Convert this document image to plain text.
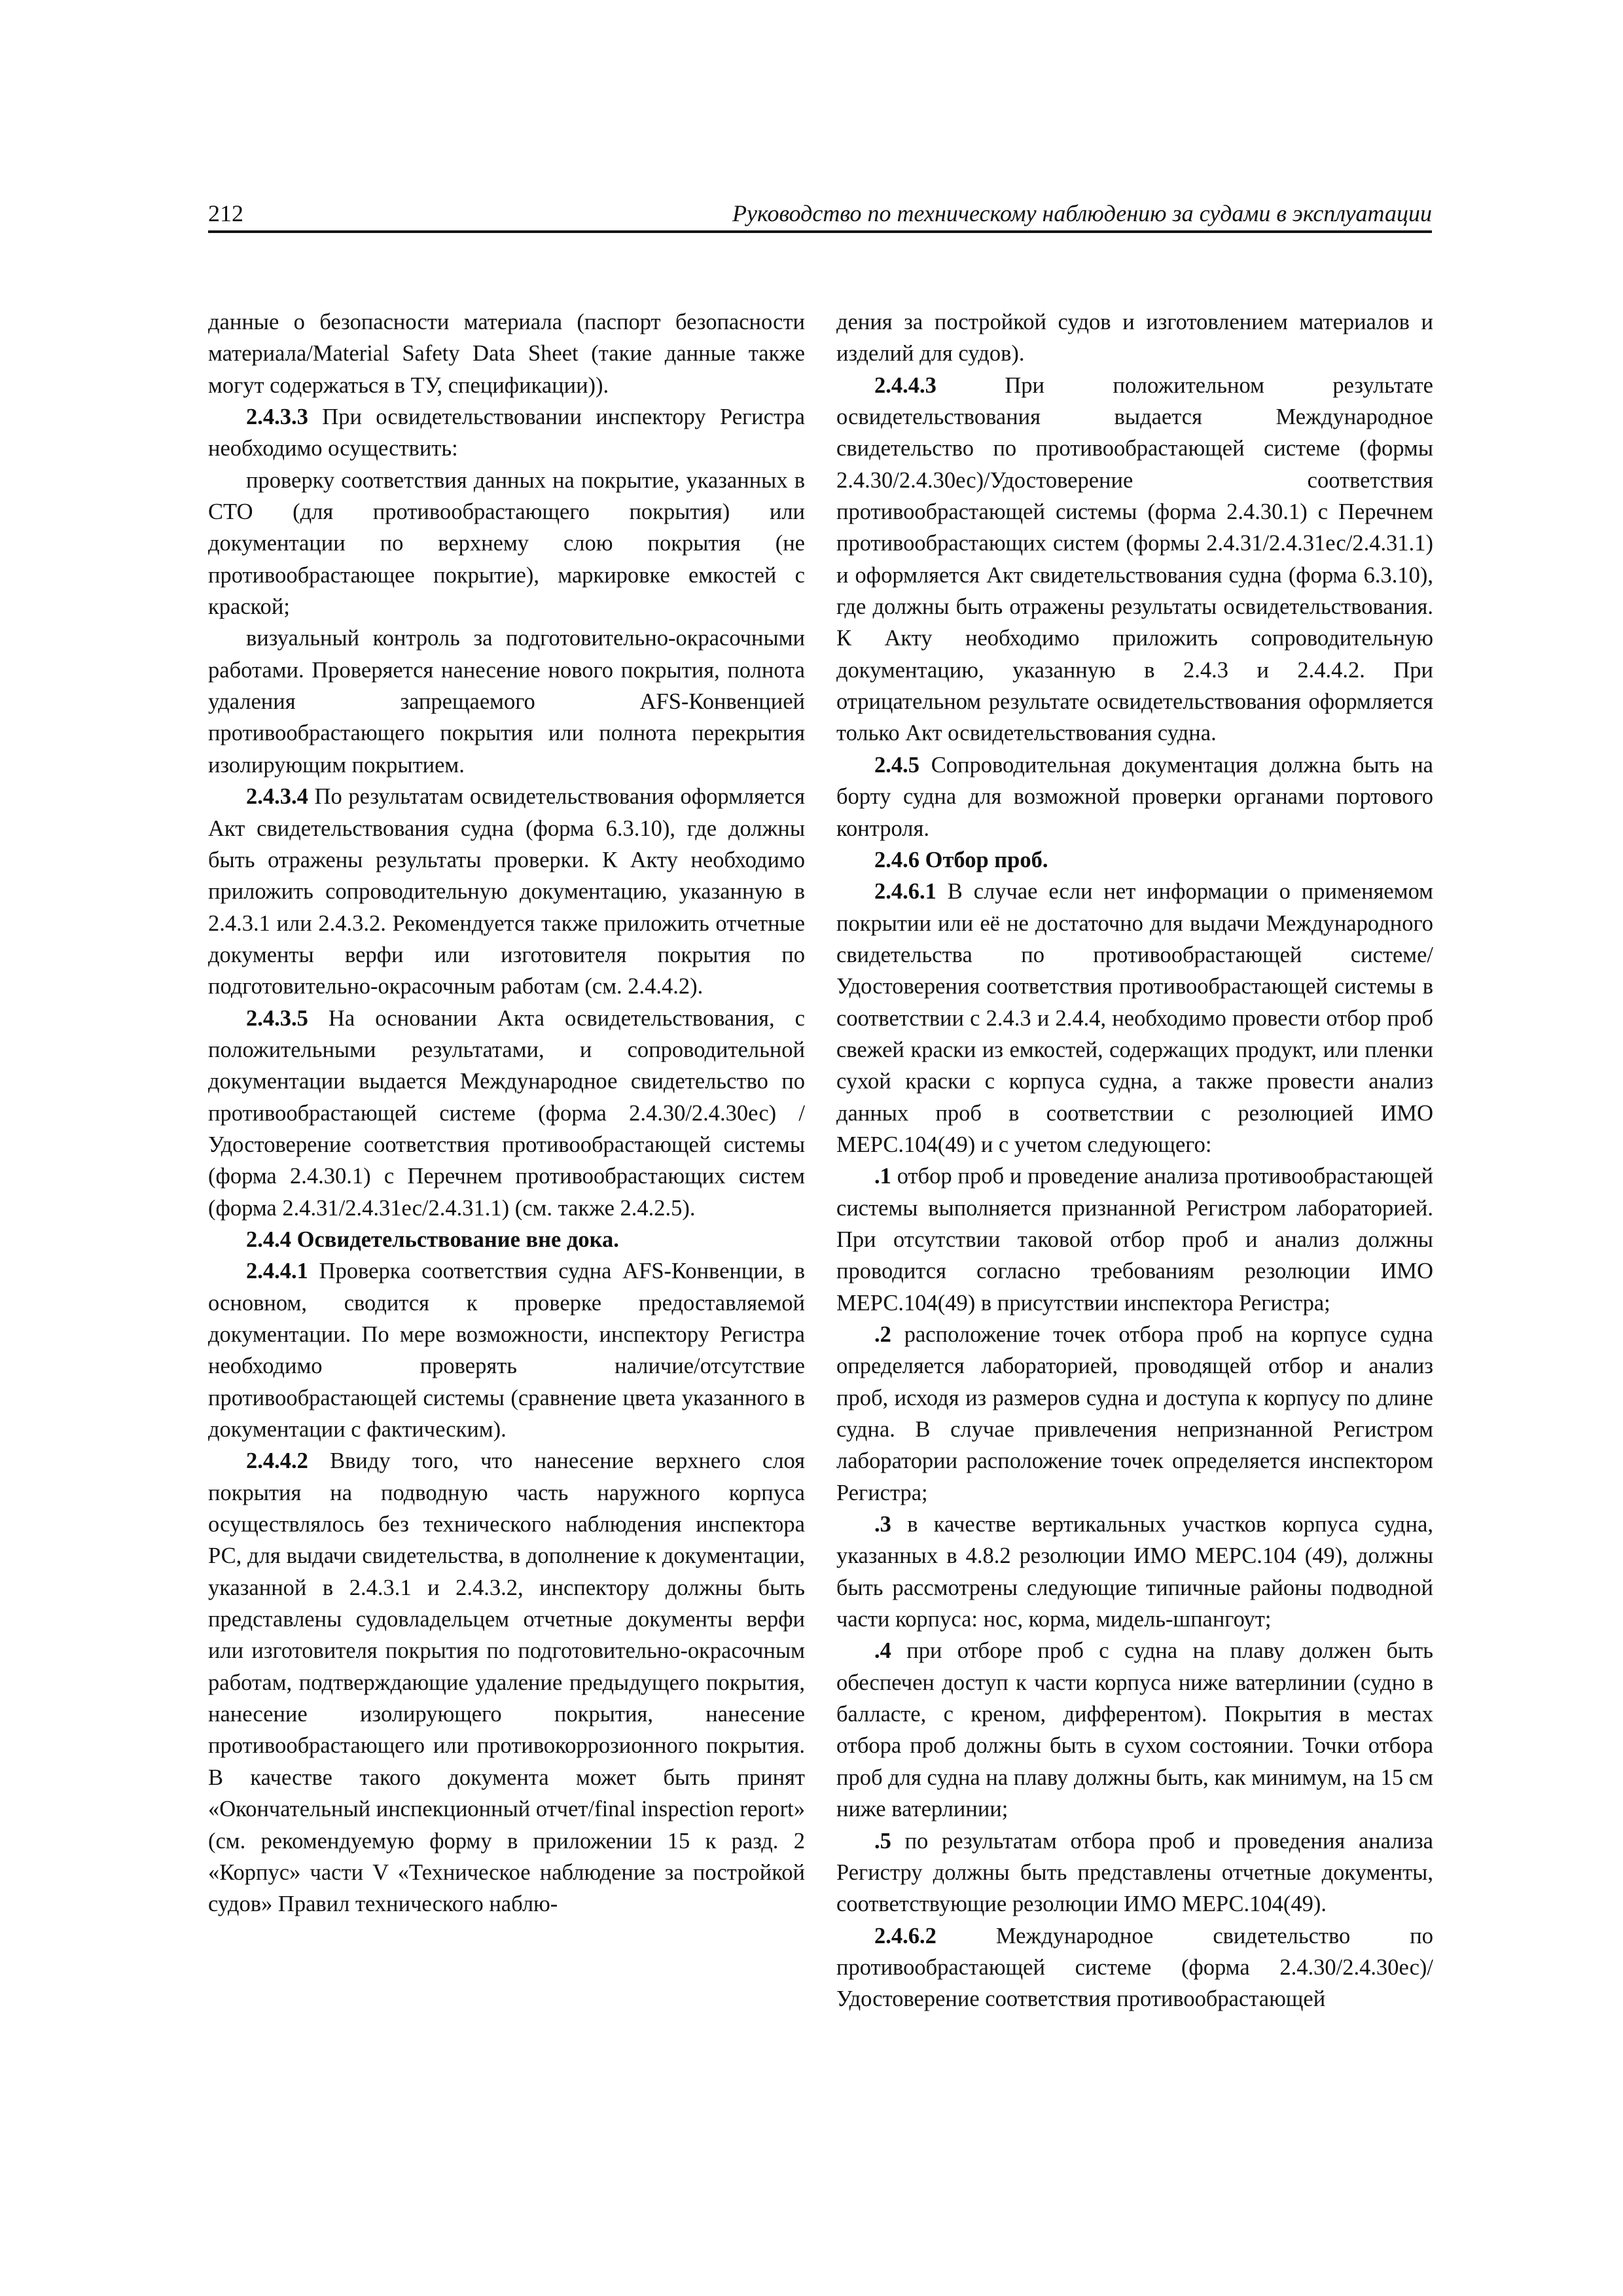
212	Руководство по техническому наблюдению за судами в эксплуатации

данные о безопасности материала (паспорт безопасности материала/Material Safety Data Sheet (такие данные также могут содержаться в ТУ, спецификации)).

2.4.3.3 При освидетельствовании инспектору Регистра необходимо осуществить:

проверку соответствия данных на покрытие, указанных в СТО (для противообрастающего покрытия) или документации по верхнему слою покрытия (не противообрастающее покрытие), маркировке емкостей с краской;

визуальный контроль за подготовительно-окрасочными работами. Проверяется нанесение нового покрытия, полнота удаления запрещаемого AFS-Конвенцией противообрастающего покрытия или полнота перекрытия изолирующим покрытием.

2.4.3.4 По результатам освидетельствования оформляется Акт свидетельствования судна (форма 6.3.10), где должны быть отражены результаты проверки. К Акту необходимо приложить сопроводительную документацию, указанную в 2.4.3.1 или 2.4.3.2. Рекомендуется также приложить отчетные документы верфи или изготовителя покрытия по подготовительно-окрасочным работам (см. 2.4.4.2).

2.4.3.5 На основании Акта освидетельствования, с положительными результатами, и сопроводительной документации выдается Международное свидетельство по противообрастающей системе (форма 2.4.30/2.4.30ес) / Удостоверение соответствия противообрастающей системы (форма 2.4.30.1) с Перечнем противообрастающих систем (форма 2.4.31/2.4.31ес/2.4.31.1) (см. также 2.4.2.5).

2.4.4 Освидетельствование вне дока.

2.4.4.1 Проверка соответствия судна AFS-Конвенции, в основном, сводится к проверке предоставляемой документации. По мере возможности, инспектору Регистра необходимо проверять наличие/отсутствие противообрастающей системы (сравнение цвета указанного в документации с фактическим).

2.4.4.2 Ввиду того, что нанесение верхнего слоя покрытия на подводную часть наружного корпуса осуществлялось без технического наблюдения инспектора РС, для выдачи свидетельства, в дополнение к документации, указанной в 2.4.3.1 и 2.4.3.2, инспектору должны быть представлены судовладельцем отчетные документы верфи или изготовителя покрытия по подготовительно-окрасочным работам, подтверждающие удаление предыдущего покрытия, нанесение изолирующего покрытия, нанесение противообрастающего или противокоррозионного покрытия. В качестве такого документа может быть принят «Окончательный инспекционный отчет/final inspection report» (см. рекомендуемую форму в приложении 15 к разд. 2 «Корпус» части V «Техническое наблюдение за постройкой судов» Правил технического наблю-

дения за постройкой судов и изготовлением материалов и изделий для судов).

2.4.4.3	При положительном результате освидетельствования выдается Международное свидетельство по противообрастающей системе (формы 2.4.30/2.4.30ес)/Удостоверение соответствия противообрастающей системы (форма 2.4.30.1) с Перечнем противообрастающих систем (формы 2.4.31/2.4.31ес/2.4.31.1) и оформляется Акт свидетельствования судна (форма 6.3.10), где должны быть отражены результаты освидетельствования. К Акту необходимо приложить сопроводительную документацию, указанную в 2.4.3 и 2.4.4.2. При отрицательном результате освидетельствования оформляется только Акт освидетельствования судна.

2.4.5 Сопроводительная документация должна быть на борту судна для возможной проверки органами портового контроля.

2.4.6 Отбор проб.

2.4.6.1 В случае если нет информации о применяемом покрытии или её не достаточно для выдачи Международного свидетельства по противообрастающей системе/Удостоверения соответствия противообрастающей системы в соответствии с 2.4.3 и 2.4.4, необходимо провести отбор проб свежей краски из емкостей, содержащих продукт, или пленки сухой краски с корпуса судна, а также провести анализ данных проб в соответствии с резолюцией ИМО МЕРС.104(49) и с учетом следующего:

.1 отбор проб и проведение анализа противообрастающей системы выполняется признанной Регистром лабораторией. При отсутствии таковой отбор проб и анализ должны проводится согласно требованиям резолюции ИМО МЕРС.104(49) в присутствии инспектора Регистра;

.2 расположение точек отбора проб на корпусе судна определяется лабораторией, проводящей отбор и анализ проб, исходя из размеров судна и доступа к корпусу по длине судна. В случае привлечения непризнанной Регистром лаборатории расположение точек определяется инспектором Регистра;

.3 в качестве вертикальных участков корпуса судна, указанных в 4.8.2 резолюции ИМО МЕРС.104 (49), должны быть рассмотрены следующие типичные районы подводной части корпуса: нос, корма, мидель-шпангоут;

.4 при отборе проб с судна на плаву должен быть обеспечен доступ к части корпуса ниже ватерлинии (судно в балласте, с креном, дифферентом). Покрытия в местах отбора проб должны быть в сухом состоянии. Точки отбора проб для судна на плаву должны быть, как минимум, на 15 см ниже ватерлинии;

.5 по результатам отбора проб и проведения анализа Регистру должны быть представлены отчетные документы, соответствующие резолюции ИМО МЕРС.104(49).

2.4.6.2	Международное свидетельство по противообрастающей системе (форма 2.4.30/2.4.30ес)/ Удостоверение соответствия противообрастающей
